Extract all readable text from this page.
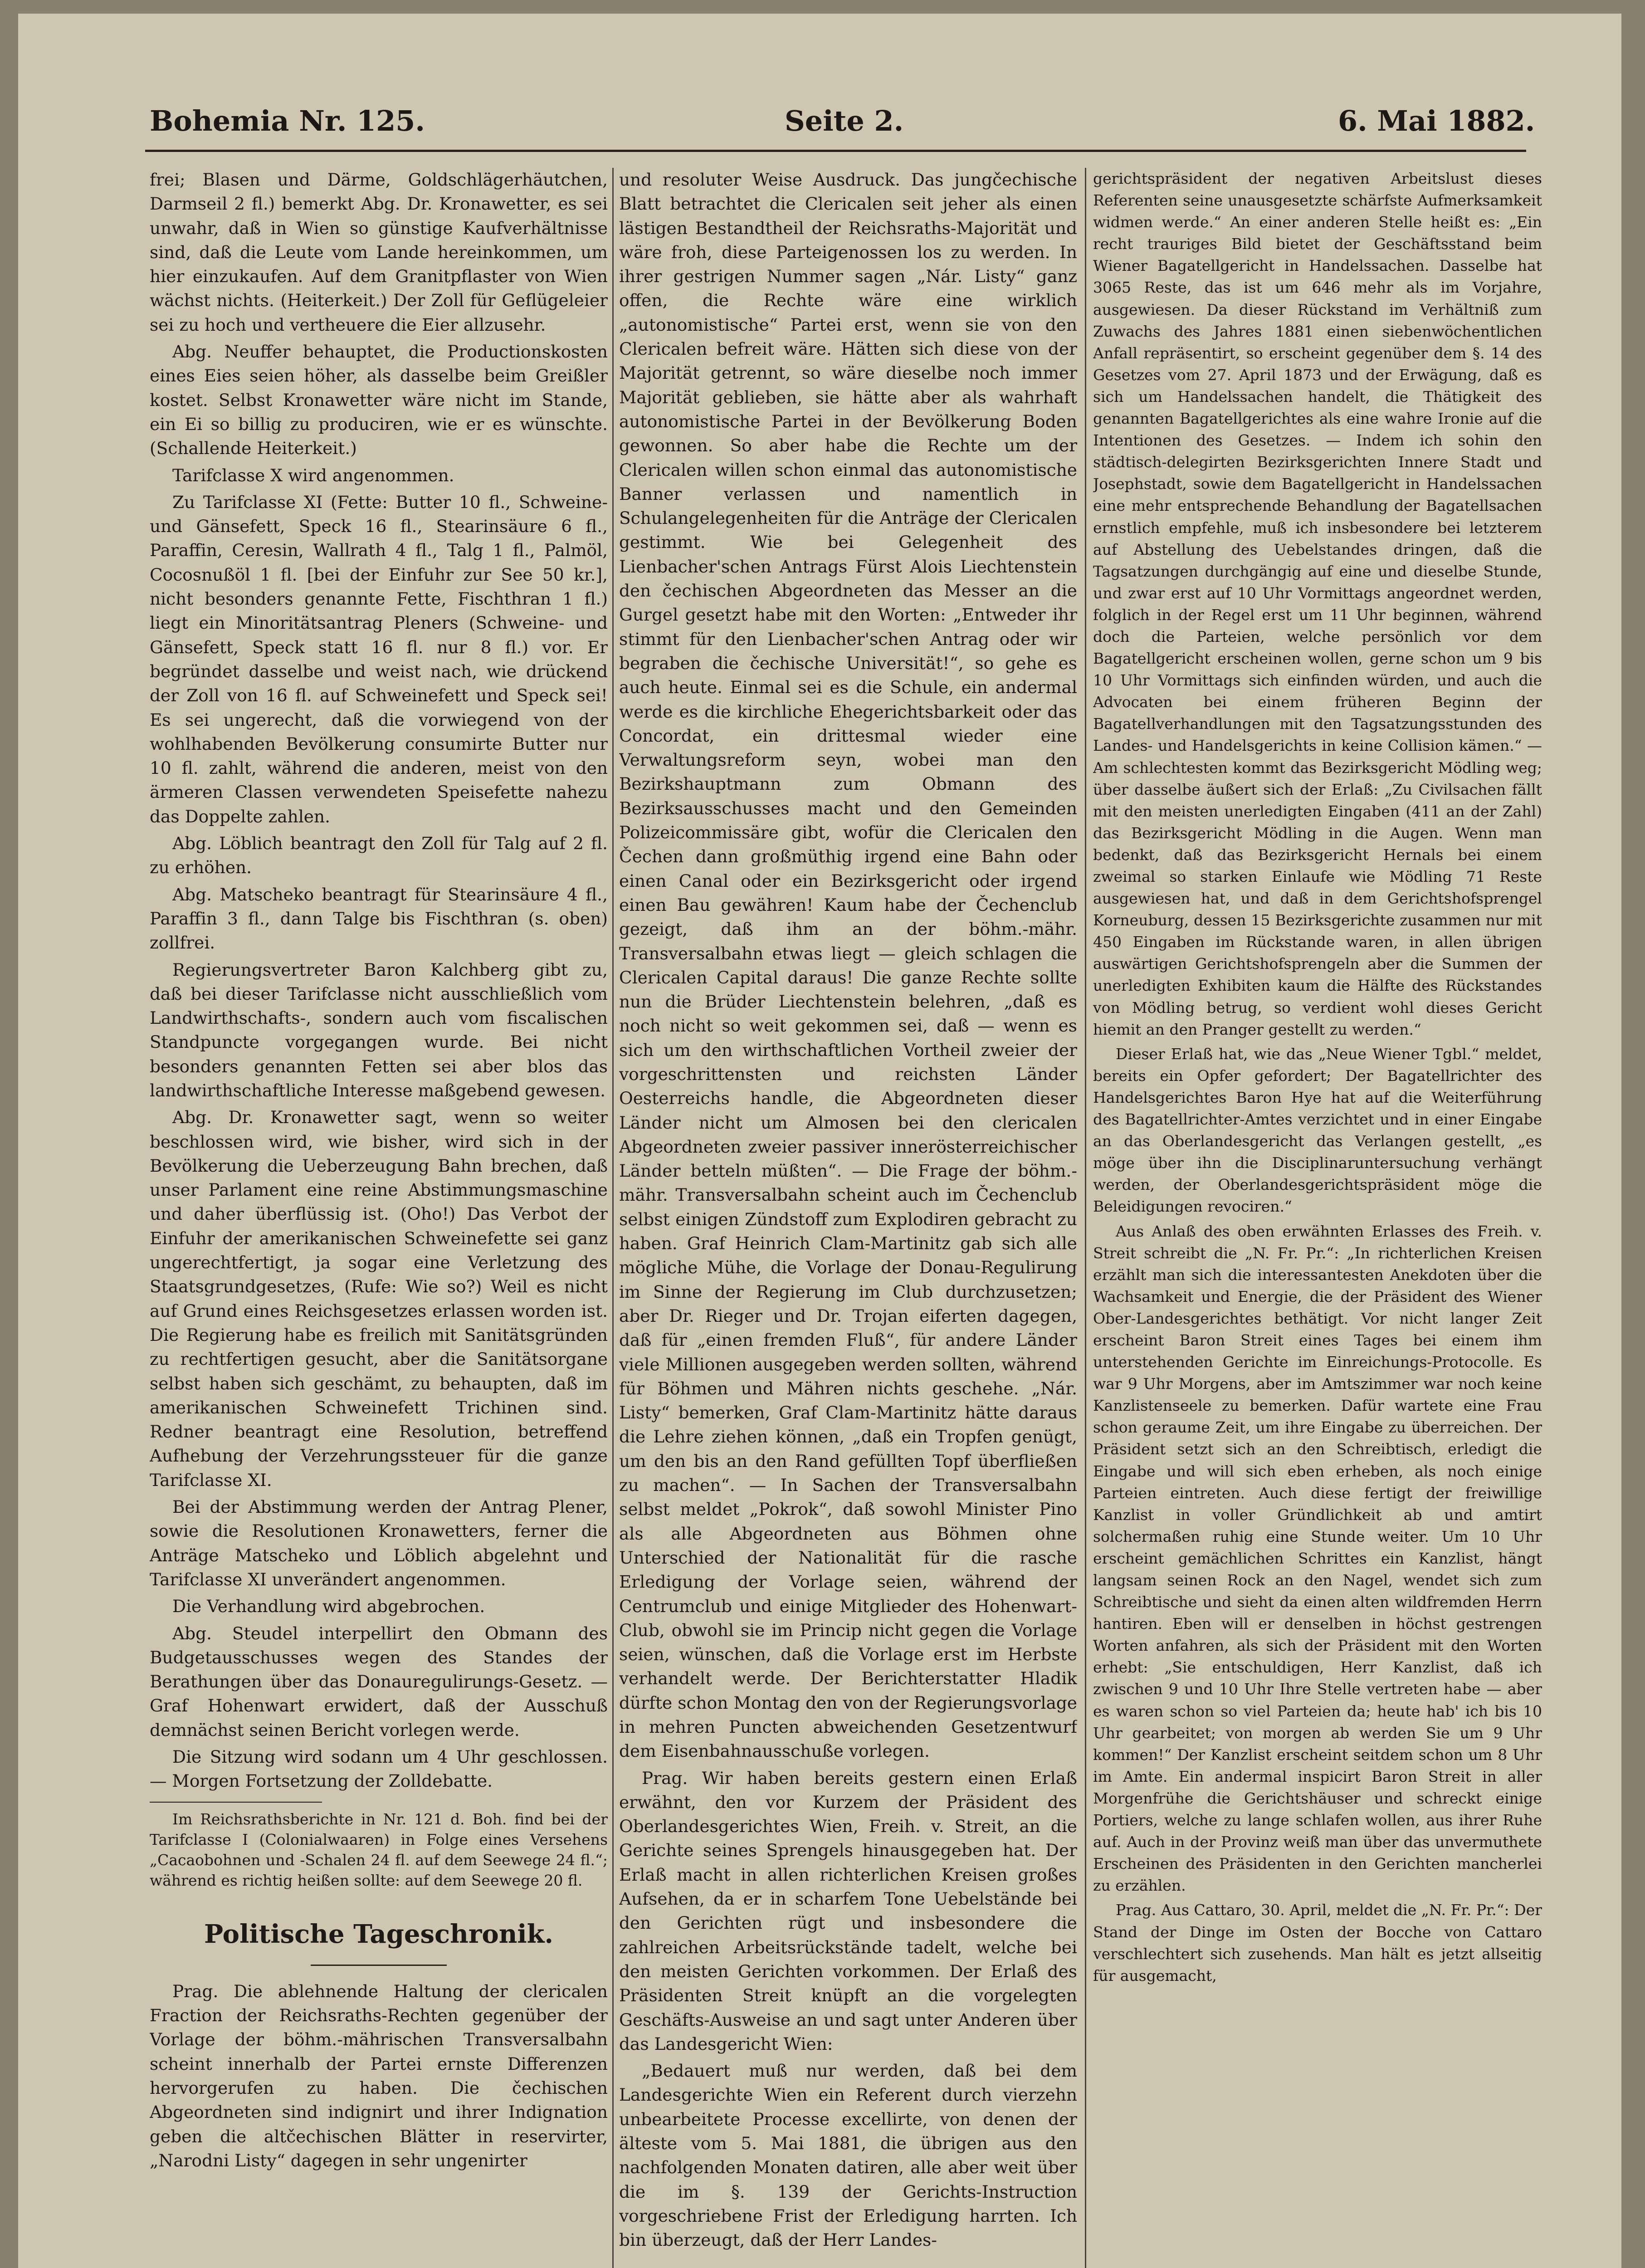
Bohemia Nr. 125.	Seite 2.	6. Mai 1882.

frei; Blasen und Därme, Goldschlägerhäutchen, Darmseil 2 fl.) bemerkt Abg. Dr. Kronawetter, es sei unwahr, daß in Wien so günstige Kaufverhältnisse sind, daß die Leute vom Lande hereinkommen, um hier einzukaufen. Auf dem Granitpflaster von Wien wächst nichts. (Heiterkeit.) Der Zoll für Geflügeleier sei zu hoch und vertheuere die Eier allzusehr.

Abg. Neuffer behauptet, die Productionskosten eines Eies seien höher, als dasselbe beim Greißler kostet. Selbst Kronawetter wäre nicht im Stande, ein Ei so billig zu produciren, wie er es wünschte. (Schallende Heiterkeit.)

Tarifclasse X wird angenommen.

Zu Tarifclasse XI (Fette: Butter 10 fl., Schweine- und Gänsefett, Speck 16 fl., Stearinsäure 6 fl., Paraffin, Ceresin, Wallrath 4 fl., Talg 1 fl., Palmöl, Cocosnußöl 1 fl. [bei der Einfuhr zur See 50 kr.], nicht besonders genannte Fette, Fischthran 1 fl.) liegt ein Minoritätsantrag Pleners (Schweine- und Gänsefett, Speck statt 16 fl. nur 8 fl.) vor. Er begründet dasselbe und weist nach, wie drückend der Zoll von 16 fl. auf Schweinefett und Speck sei! Es sei ungerecht, daß die vorwiegend von der wohlhabenden Bevölkerung consumirte Butter nur 10 fl. zahlt, während die anderen, meist von den ärmeren Classen verwendeten Speisefette nahezu das Doppelte zahlen.

Abg. Löblich beantragt den Zoll für Talg auf 2 fl. zu erhöhen.

Abg. Matscheko beantragt für Stearinsäure 4 fl., Paraffin 3 fl., dann Talge bis Fischthran (s. oben) zollfrei.

Regierungsvertreter Baron Kalchberg gibt zu, daß bei dieser Tarifclasse nicht ausschließlich vom Landwirthschafts-, sondern auch vom fiscalischen Standpuncte vorgegangen wurde. Bei nicht besonders genannten Fetten sei aber blos das landwirthschaftliche Interesse maßgebend gewesen.

Abg. Dr. Kronawetter sagt, wenn so weiter beschlossen wird, wie bisher, wird sich in der Bevölkerung die Ueberzeugung Bahn brechen, daß unser Parlament eine reine Abstimmungsmaschine und daher überflüssig ist. (Oho!) Das Verbot der Einfuhr der amerikanischen Schweinefette sei ganz ungerechtfertigt, ja sogar eine Verletzung des Staatsgrundgesetzes, (Rufe: Wie so?) Weil es nicht auf Grund eines Reichsgesetzes erlassen worden ist. Die Regierung habe es freilich mit Sanitätsgründen zu rechtfertigen gesucht, aber die Sanitätsorgane selbst haben sich geschämt, zu behaupten, daß im amerikanischen Schweinefett Trichinen sind. Redner beantragt eine Resolution, betreffend Aufhebung der Verzehrungssteuer für die ganze Tarifclasse XI.

Bei der Abstimmung werden der Antrag Plener, sowie die Resolutionen Kronawetters, ferner die Anträge Matscheko und Löblich abgelehnt und Tarifclasse XI unverändert angenommen.

Die Verhandlung wird abgebrochen.

Abg. Steudel interpellirt den Obmann des Budgetausschusses wegen des Standes der Berathungen über das Donauregulirungs-Gesetz. — Graf Hohenwart erwidert, daß der Ausschuß demnächst seinen Bericht vorlegen werde.

Die Sitzung wird sodann um 4 Uhr geschlossen. — Morgen Fortsetzung der Zolldebatte.

Im Reichsrathsberichte in Nr. 121 d. Boh. find bei der Tarifclasse I (Colonialwaaren) in Folge eines Versehens „Cacaobohnen und -Schalen 24 fl. auf dem Seewege 24 fl.“; während es richtig heißen sollte: auf dem Seewege 20 fl.

Politische Tageschronik.

Prag. Die ablehnende Haltung der clericalen Fraction der Reichsraths-Rechten gegenüber der Vorlage der böhm.-mährischen Transversalbahn scheint innerhalb der Partei ernste Differenzen hervorgerufen zu haben. Die čechischen Abgeordneten sind indignirt und ihrer Indignation geben die altčechischen Blätter in reservirter, „Narodni Listy“ dagegen in sehr ungenirter

und resoluter Weise Ausdruck. Das jungčechische Blatt betrachtet die Clericalen seit jeher als einen lästigen Bestandtheil der Reichsraths-Majorität und wäre froh, diese Parteigenossen los zu werden. In ihrer gestrigen Nummer sagen „Nár. Listy“ ganz offen, die Rechte wäre eine wirklich „autonomistische“ Partei erst, wenn sie von den Clericalen befreit wäre. Hätten sich diese von der Majorität getrennt, so wäre dieselbe noch immer Majorität geblieben, sie hätte aber als wahrhaft autonomistische Partei in der Bevölkerung Boden gewonnen. So aber habe die Rechte um der Clericalen willen schon einmal das autonomistische Banner verlassen und namentlich in Schulangelegenheiten für die Anträge der Clericalen gestimmt. Wie bei Gelegenheit des Lienbacher'schen Antrags Fürst Alois Liechtenstein den čechischen Abgeordneten das Messer an die Gurgel gesetzt habe mit den Worten: „Entweder ihr stimmt für den Lienbacher'schen Antrag oder wir begraben die čechische Universität!“, so gehe es auch heute. Einmal sei es die Schule, ein andermal werde es die kirchliche Ehegerichtsbarkeit oder das Concordat, ein drittesmal wieder eine Verwaltungsreform seyn, wobei man den Bezirkshauptmann zum Obmann des Bezirksausschusses macht und den Gemeinden Polizeicommissäre gibt, wofür die Clericalen den Čechen dann großmüthig irgend eine Bahn oder einen Canal oder ein Bezirksgericht oder irgend einen Bau gewähren! Kaum habe der Čechenclub gezeigt, daß ihm an der böhm.-mähr. Transversalbahn etwas liegt — gleich schlagen die Clericalen Capital daraus! Die ganze Rechte sollte nun die Brüder Liechtenstein belehren, „daß es noch nicht so weit gekommen sei, daß — wenn es sich um den wirthschaftlichen Vortheil zweier der vorgeschrittensten und reichsten Länder Oesterreichs handle, die Abgeordneten dieser Länder nicht um Almosen bei den clericalen Abgeordneten zweier passiver innerösterreichischer Länder betteln müßten“. — Die Frage der böhm.-mähr. Transversalbahn scheint auch im Čechenclub selbst einigen Zündstoff zum Explodiren gebracht zu haben. Graf Heinrich Clam-Martinitz gab sich alle mögliche Mühe, die Vorlage der Donau-Regulirung im Sinne der Regierung im Club durchzusetzen; aber Dr. Rieger und Dr. Trojan eiferten dagegen, daß für „einen fremden Fluß“, für andere Länder viele Millionen ausgegeben werden sollten, während für Böhmen und Mähren nichts geschehe. „Nár. Listy“ bemerken, Graf Clam-Martinitz hätte daraus die Lehre ziehen können, „daß ein Tropfen genügt, um den bis an den Rand gefüllten Topf überfließen zu machen“. — In Sachen der Transversalbahn selbst meldet „Pokrok“, daß sowohl Minister Pino als alle Abgeordneten aus Böhmen ohne Unterschied der Nationalität für die rasche Erledigung der Vorlage seien, während der Centrumclub und einige Mitglieder des Hohenwart-Club, obwohl sie im Princip nicht gegen die Vorlage seien, wünschen, daß die Vorlage erst im Herbste verhandelt werde. Der Berichterstatter Hladik dürfte schon Montag den von der Regierungsvorlage in mehren Puncten abweichenden Gesetzentwurf dem Eisenbahnausschuße vorlegen.

Prag. Wir haben bereits gestern einen Erlaß erwähnt, den vor Kurzem der Präsident des Oberlandesgerichtes Wien, Freih. v. Streit, an die Gerichte seines Sprengels hinausgegeben hat. Der Erlaß macht in allen richterlichen Kreisen großes Aufsehen, da er in scharfem Tone Uebelstände bei den Gerichten rügt und insbesondere die zahlreichen Arbeitsrückstände tadelt, welche bei den meisten Gerichten vorkommen. Der Erlaß des Präsidenten Streit knüpft an die vorgelegten Geschäfts-Ausweise an und sagt unter Anderen über das Landesgericht Wien:

„Bedauert muß nur werden, daß bei dem Landesgerichte Wien ein Referent durch vierzehn unbearbeitete Processe excellirte, von denen der älteste vom 5. Mai 1881, die übrigen aus den nachfolgenden Monaten datiren, alle aber weit über die im §. 139 der Gerichts-Instruction vorgeschriebene Frist der Erledigung harrten. Ich bin überzeugt, daß der Herr Landes-

gerichtspräsident der negativen Arbeitslust dieses Referenten seine unausgesetzte schärfste Aufmerksamkeit widmen werde.“ An einer anderen Stelle heißt es: „Ein recht trauriges Bild bietet der Geschäftsstand beim Wiener Bagatellgericht in Handelssachen. Dasselbe hat 3065 Reste, das ist um 646 mehr als im Vorjahre, ausgewiesen. Da dieser Rückstand im Verhältniß zum Zuwachs des Jahres 1881 einen siebenwöchentlichen Anfall repräsentirt, so erscheint gegenüber dem §. 14 des Gesetzes vom 27. April 1873 und der Erwägung, daß es sich um Handelssachen handelt, die Thätigkeit des genannten Bagatellgerichtes als eine wahre Ironie auf die Intentionen des Gesetzes. — Indem ich sohin den städtisch-delegirten Bezirksgerichten Innere Stadt und Josephstadt, sowie dem Bagatellgericht in Handelssachen eine mehr entsprechende Behandlung der Bagatellsachen ernstlich empfehle, muß ich insbesondere bei letzterem auf Abstellung des Uebelstandes dringen, daß die Tagsatzungen durchgängig auf eine und dieselbe Stunde, und zwar erst auf 10 Uhr Vormittags angeordnet werden, folglich in der Regel erst um 11 Uhr beginnen, während doch die Parteien, welche persönlich vor dem Bagatellgericht erscheinen wollen, gerne schon um 9 bis 10 Uhr Vormittags sich einfinden würden, und auch die Advocaten bei einem früheren Beginn der Bagatellverhandlungen mit den Tagsatzungsstunden des Landes- und Handelsgerichts in keine Collision kämen.“ — Am schlechtesten kommt das Bezirksgericht Mödling weg; über dasselbe äußert sich der Erlaß: „Zu Civilsachen fällt mit den meisten unerledigten Eingaben (411 an der Zahl) das Bezirksgericht Mödling in die Augen. Wenn man bedenkt, daß das Bezirksgericht Hernals bei einem zweimal so starken Einlaufe wie Mödling 71 Reste ausgewiesen hat, und daß in dem Gerichtshofsprengel Korneuburg, dessen 15 Bezirksgerichte zusammen nur mit 450 Eingaben im Rückstande waren, in allen übrigen auswärtigen Gerichtshofsprengeln aber die Summen der unerledigten Exhibiten kaum die Hälfte des Rückstandes von Mödling betrug, so verdient wohl dieses Gericht hiemit an den Pranger gestellt zu werden.“

Dieser Erlaß hat, wie das „Neue Wiener Tgbl.“ meldet, bereits ein Opfer gefordert; Der Bagatellrichter des Handelsgerichtes Baron Hye hat auf die Weiterführung des Bagatellrichter-Amtes verzichtet und in einer Eingabe an das Oberlandesgericht das Verlangen gestellt, „es möge über ihn die Disciplinaruntersuchung verhängt werden, der Oberlandesgerichtspräsident möge die Beleidigungen revociren.“

Aus Anlaß des oben erwähnten Erlasses des Freih. v. Streit schreibt die „N. Fr. Pr.“: „In richterlichen Kreisen erzählt man sich die interessantesten Anekdoten über die Wachsamkeit und Energie, die der Präsident des Wiener Ober-Landesgerichtes bethätigt. Vor nicht langer Zeit erscheint Baron Streit eines Tages bei einem ihm unterstehenden Gerichte im Einreichungs-Protocolle. Es war 9 Uhr Morgens, aber im Amtszimmer war noch keine Kanzlistenseele zu bemerken. Dafür wartete eine Frau schon geraume Zeit, um ihre Eingabe zu überreichen. Der Präsident setzt sich an den Schreibtisch, erledigt die Eingabe und will sich eben erheben, als noch einige Parteien eintreten. Auch diese fertigt der freiwillige Kanzlist in voller Gründlichkeit ab und amtirt solchermaßen ruhig eine Stunde weiter. Um 10 Uhr erscheint gemächlichen Schrittes ein Kanzlist, hängt langsam seinen Rock an den Nagel, wendet sich zum Schreibtische und sieht da einen alten wildfremden Herrn hantiren. Eben will er denselben in höchst gestrengen Worten anfahren, als sich der Präsident mit den Worten erhebt: „Sie entschuldigen, Herr Kanzlist, daß ich zwischen 9 und 10 Uhr Ihre Stelle vertreten habe — aber es waren schon so viel Parteien da; heute hab' ich bis 10 Uhr gearbeitet; von morgen ab werden Sie um 9 Uhr kommen!“ Der Kanzlist erscheint seitdem schon um 8 Uhr im Amte. Ein andermal inspicirt Baron Streit in aller Morgenfrühe die Gerichtshäuser und schreckt einige Portiers, welche zu lange schlafen wollen, aus ihrer Ruhe auf. Auch in der Provinz weiß man über das unvermuthete Erscheinen des Präsidenten in den Gerichten mancherlei zu erzählen.

Prag. Aus Cattaro, 30. April, meldet die „N. Fr. Pr.“: Der Stand der Dinge im Osten der Bocche von Cattaro verschlechtert sich zusehends. Man hält es jetzt allseitig für ausgemacht,
